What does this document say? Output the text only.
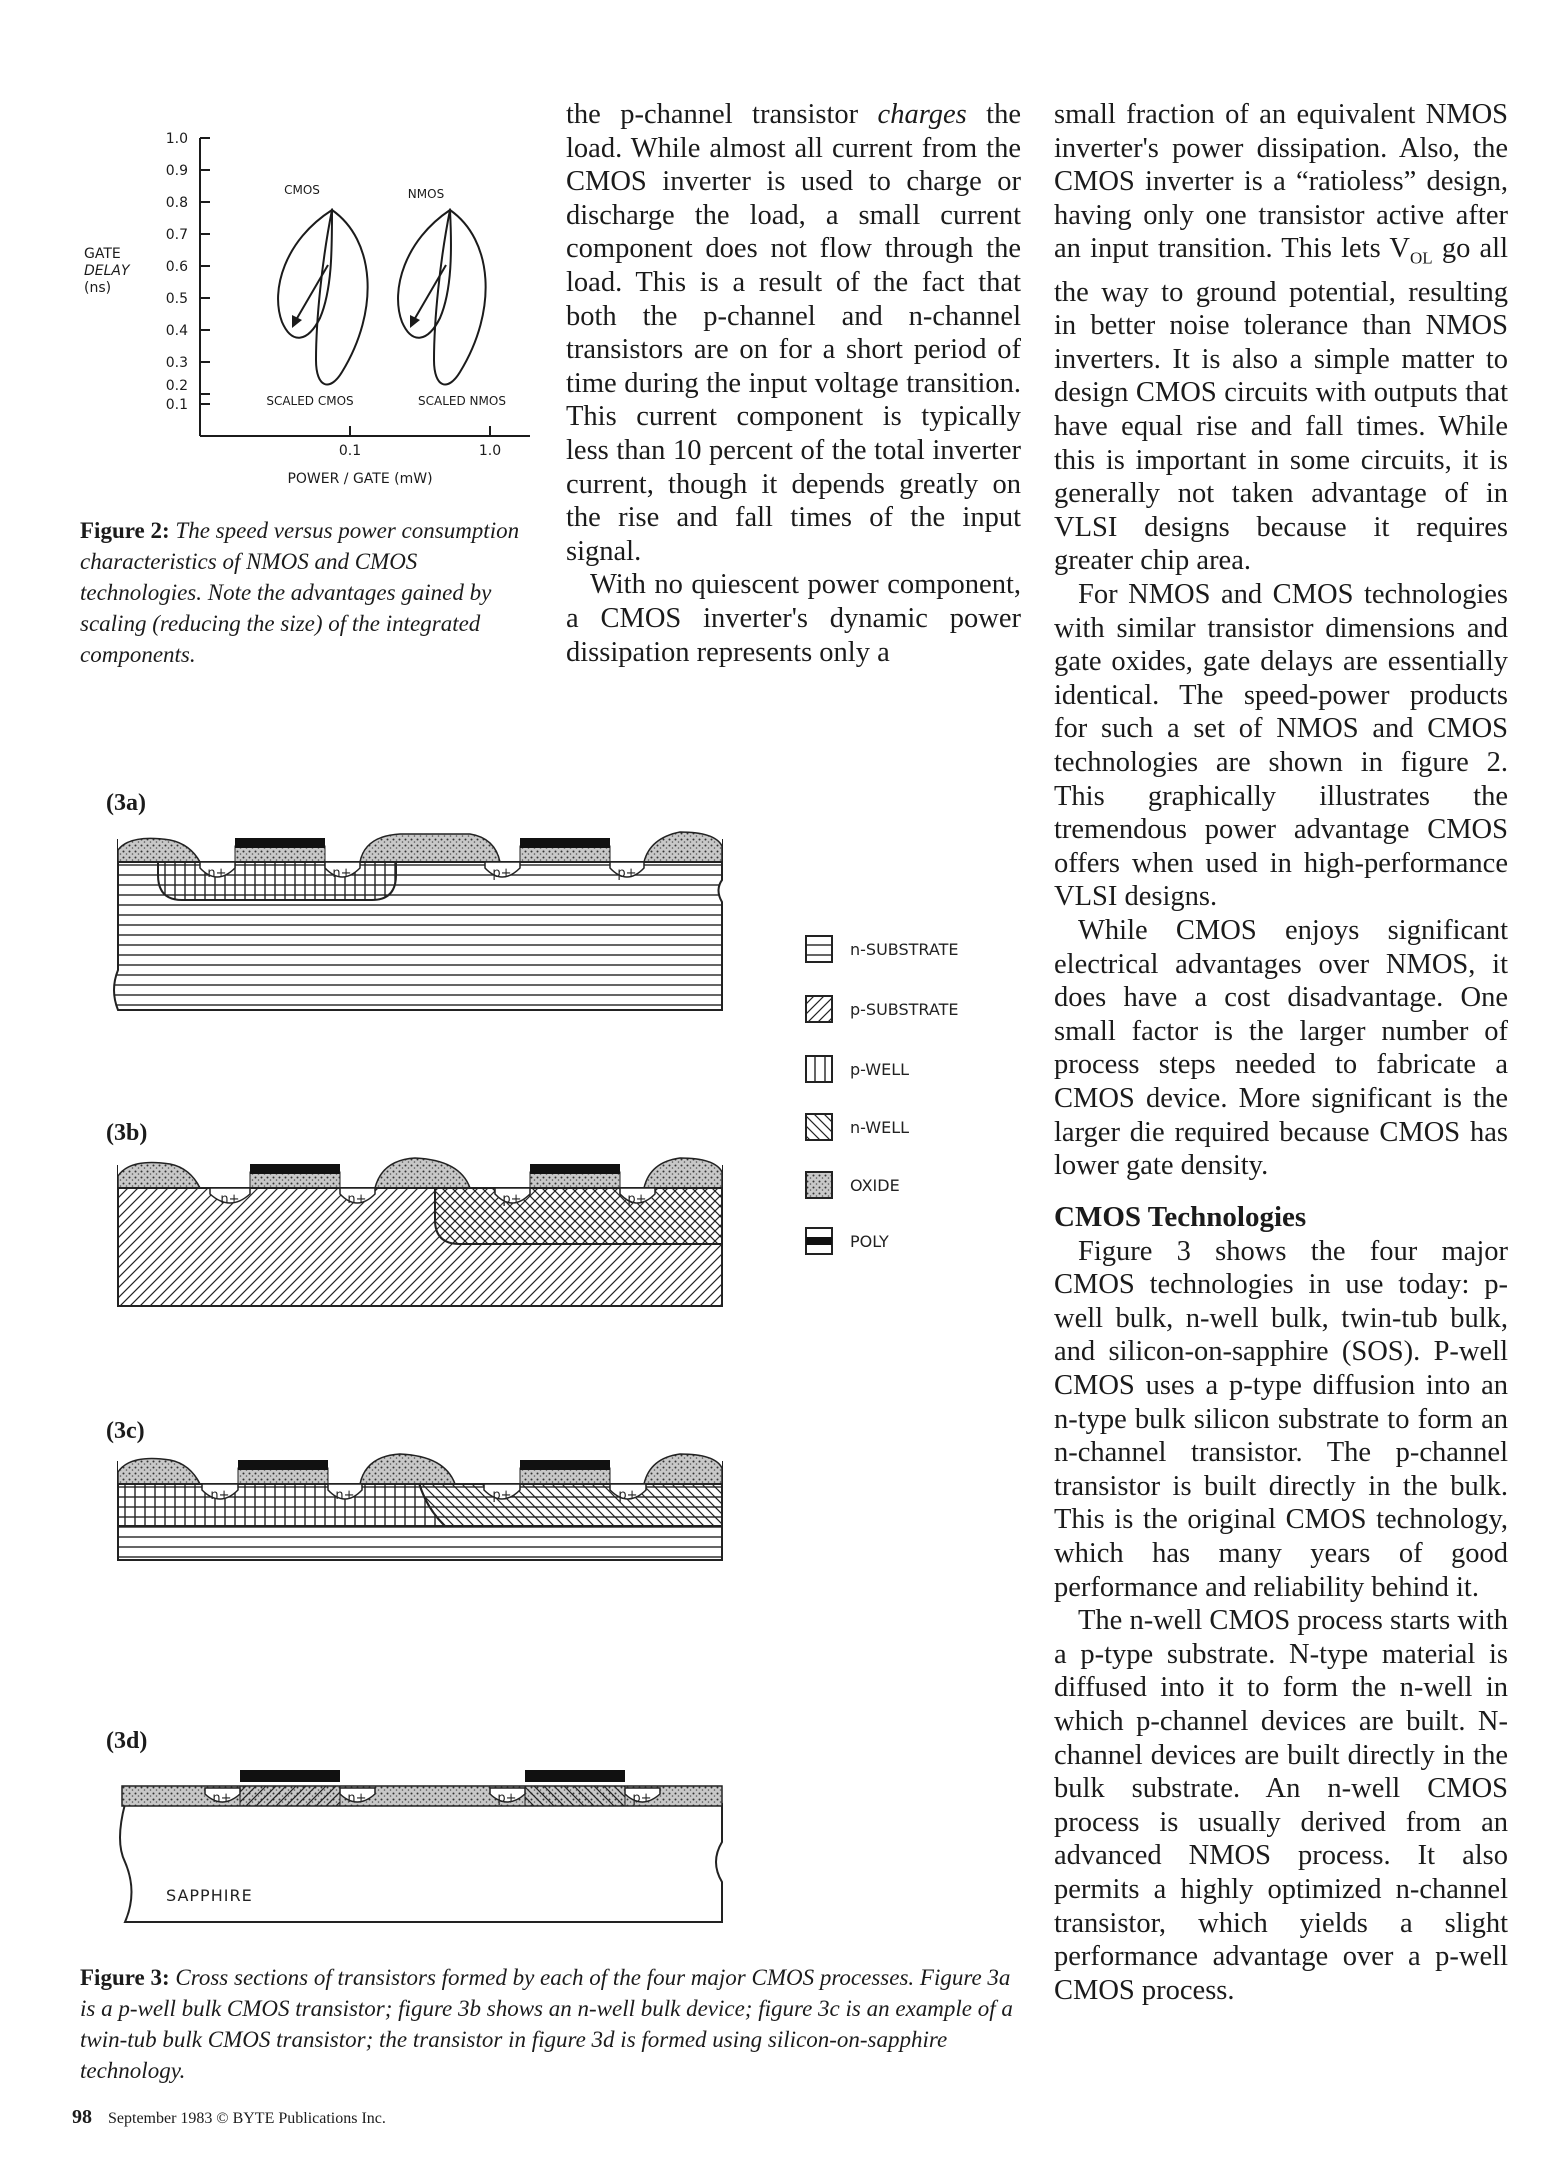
1.0
0.9
0.8
0.7
0.6
0.5
0.4
0.3
0.2
0.1
GATE
DELAY
(ns)
0.1	1.0
POWER / GATE (mW)
CMOS	NMOS
SCALED CMOS	SCALED NMOS
Figure 2: The speed versus power consumption characteristics of NMOS and CMOS technologies. Note the advantages gained by scaling (reducing the size) of the integrated components.
(3a)
(3b)
(3c)
(3d)
n+	n+	p+	p+
n+	n+	p+	p+
n+	n+	p+	p+
n+	n+	p+	p+
SAPPHIRE
n-SUBSTRATE
p-SUBSTRATE
p-WELL
n-WELL
OXIDE
POLY
Figure 3: Cross sections of transistors formed by each of the four major CMOS processes. Figure 3a is a p-well bulk CMOS transistor; figure 3b shows an n-well bulk device; figure 3c is an example of a twin-tub bulk CMOS transistor; the transistor in figure 3d is formed using silicon-on-sapphire technology.

the p-channel transistor charges the load. While almost all current from the CMOS inverter is used to charge or discharge the load, a small current component does not flow through the load. This is a result of the fact that both the p-channel and n-channel transistors are on for a short period of time during the input voltage transition. This current component is typically less than 10 percent of the total inverter current, though it depends greatly on the rise and fall times of the input signal.

With no quiescent power component, a CMOS inverter's dynamic power dissipation represents only a

small fraction of an equivalent NMOS inverter's power dissipation. Also, the CMOS inverter is a “ratioless” design, having only one transistor active after an input transition. This lets $V_{OL}$ go all the way to ground potential, resulting in better noise tolerance than NMOS inverters. It is also a simple matter to design CMOS circuits with outputs that have equal rise and fall times. While this is important in some circuits, it is generally not taken advantage of in VLSI designs because it requires greater chip area.

For NMOS and CMOS technologies with similar transistor dimensions and gate oxides, gate delays are essentially identical. The speed-power products for such a set of NMOS and CMOS technologies are shown in figure 2. This graphically illustrates the tremendous power advantage CMOS offers when used in high-performance VLSI designs.

While CMOS enjoys significant electrical advantages over NMOS, it does have a cost disadvantage. One small factor is the larger number of process steps needed to fabricate a CMOS device. More significant is the larger die required because CMOS has lower gate density.

CMOS Technologies

Figure 3 shows the four major CMOS technologies in use today: p-well bulk, n-well bulk, twin-tub bulk, and silicon-on-sapphire (SOS). P-well CMOS uses a p-type diffusion into an n-type bulk silicon substrate to form an n-channel transistor. The p-channel transistor is built directly in the bulk. This is the original CMOS technology, which has many years of good performance and reliability behind it.

The n-well CMOS process starts with a p-type substrate. N-type material is diffused into it to form the n-well in which p-channel devices are built. N-channel devices are built directly in the bulk substrate. An n-well CMOS process is usually derived from an advanced NMOS process. It also permits a highly optimized n-channel transistor, which yields a slight performance advantage over a p-well CMOS process.

98 September 1983 © BYTE Publications Inc.
